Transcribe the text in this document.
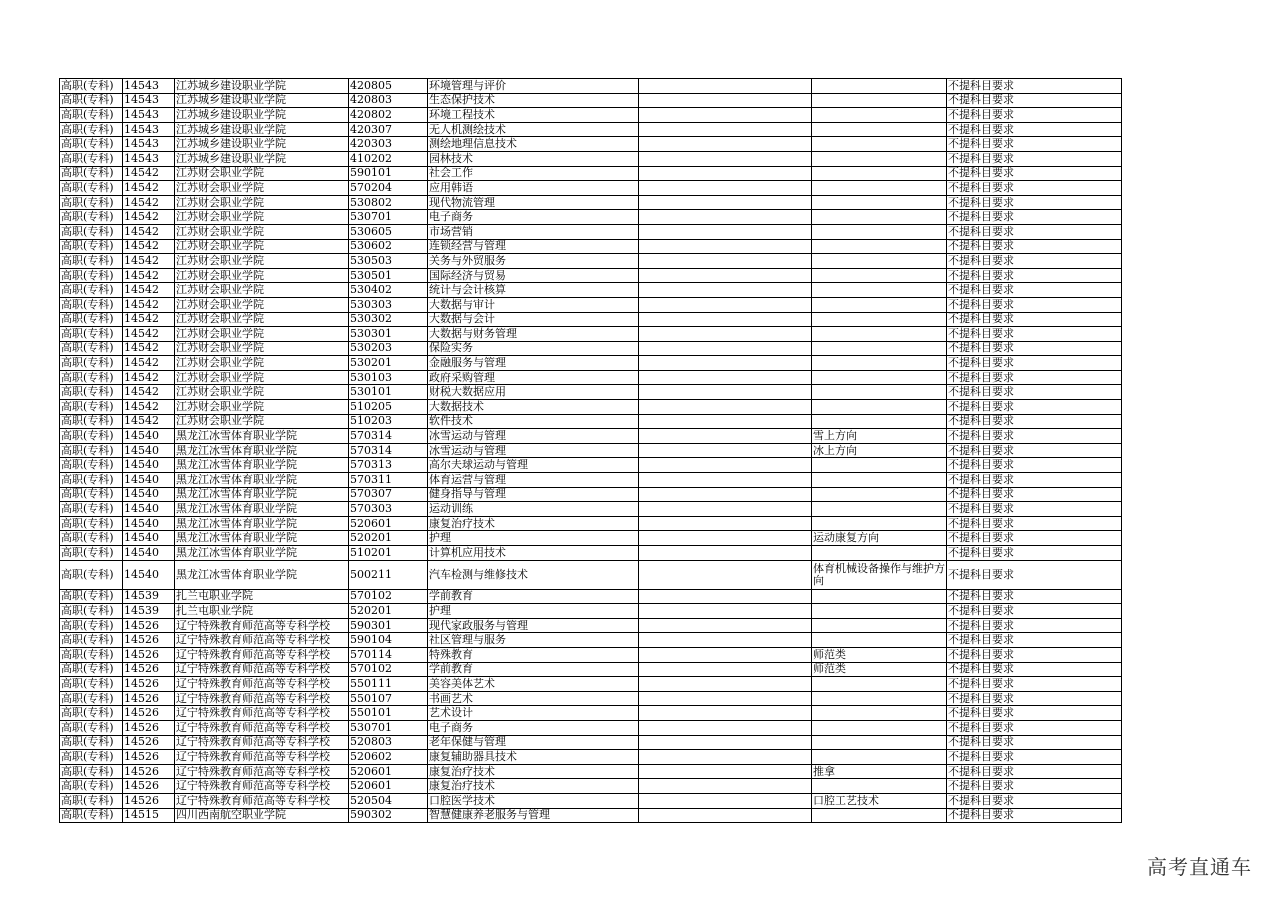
高职(专科)	14543	江苏城乡建设职业学院	420805	环境管理与评价			不提科目要求
高职(专科)	14543	江苏城乡建设职业学院	420803	生态保护技术			不提科目要求
高职(专科)	14543	江苏城乡建设职业学院	420802	环境工程技术			不提科目要求
高职(专科)	14543	江苏城乡建设职业学院	420307	无人机测绘技术			不提科目要求
高职(专科)	14543	江苏城乡建设职业学院	420303	测绘地理信息技术			不提科目要求
高职(专科)	14543	江苏城乡建设职业学院	410202	园林技术			不提科目要求
高职(专科)	14542	江苏财会职业学院	590101	社会工作			不提科目要求
高职(专科)	14542	江苏财会职业学院	570204	应用韩语			不提科目要求
高职(专科)	14542	江苏财会职业学院	530802	现代物流管理			不提科目要求
高职(专科)	14542	江苏财会职业学院	530701	电子商务			不提科目要求
高职(专科)	14542	江苏财会职业学院	530605	市场营销			不提科目要求
高职(专科)	14542	江苏财会职业学院	530602	连锁经营与管理			不提科目要求
高职(专科)	14542	江苏财会职业学院	530503	关务与外贸服务			不提科目要求
高职(专科)	14542	江苏财会职业学院	530501	国际经济与贸易			不提科目要求
高职(专科)	14542	江苏财会职业学院	530402	统计与会计核算			不提科目要求
高职(专科)	14542	江苏财会职业学院	530303	大数据与审计			不提科目要求
高职(专科)	14542	江苏财会职业学院	530302	大数据与会计			不提科目要求
高职(专科)	14542	江苏财会职业学院	530301	大数据与财务管理			不提科目要求
高职(专科)	14542	江苏财会职业学院	530203	保险实务			不提科目要求
高职(专科)	14542	江苏财会职业学院	530201	金融服务与管理			不提科目要求
高职(专科)	14542	江苏财会职业学院	530103	政府采购管理			不提科目要求
高职(专科)	14542	江苏财会职业学院	530101	财税大数据应用			不提科目要求
高职(专科)	14542	江苏财会职业学院	510205	大数据技术			不提科目要求
高职(专科)	14542	江苏财会职业学院	510203	软件技术			不提科目要求
高职(专科)	14540	黑龙江冰雪体育职业学院	570314	冰雪运动与管理		雪上方向	不提科目要求
高职(专科)	14540	黑龙江冰雪体育职业学院	570314	冰雪运动与管理		冰上方向	不提科目要求
高职(专科)	14540	黑龙江冰雪体育职业学院	570313	高尔夫球运动与管理			不提科目要求
高职(专科)	14540	黑龙江冰雪体育职业学院	570311	体育运营与管理			不提科目要求
高职(专科)	14540	黑龙江冰雪体育职业学院	570307	健身指导与管理			不提科目要求
高职(专科)	14540	黑龙江冰雪体育职业学院	570303	运动训练			不提科目要求
高职(专科)	14540	黑龙江冰雪体育职业学院	520601	康复治疗技术			不提科目要求
高职(专科)	14540	黑龙江冰雪体育职业学院	520201	护理		运动康复方向	不提科目要求
高职(专科)	14540	黑龙江冰雪体育职业学院	510201	计算机应用技术			不提科目要求
高职(专科)	14540	黑龙江冰雪体育职业学院	500211	汽车检测与维修技术		体育机械设备操作与维护方向	不提科目要求
高职(专科)	14539	扎兰屯职业学院	570102	学前教育			不提科目要求
高职(专科)	14539	扎兰屯职业学院	520201	护理			不提科目要求
高职(专科)	14526	辽宁特殊教育师范高等专科学校	590301	现代家政服务与管理			不提科目要求
高职(专科)	14526	辽宁特殊教育师范高等专科学校	590104	社区管理与服务			不提科目要求
高职(专科)	14526	辽宁特殊教育师范高等专科学校	570114	特殊教育		师范类	不提科目要求
高职(专科)	14526	辽宁特殊教育师范高等专科学校	570102	学前教育		师范类	不提科目要求
高职(专科)	14526	辽宁特殊教育师范高等专科学校	550111	美容美体艺术			不提科目要求
高职(专科)	14526	辽宁特殊教育师范高等专科学校	550107	书画艺术			不提科目要求
高职(专科)	14526	辽宁特殊教育师范高等专科学校	550101	艺术设计			不提科目要求
高职(专科)	14526	辽宁特殊教育师范高等专科学校	530701	电子商务			不提科目要求
高职(专科)	14526	辽宁特殊教育师范高等专科学校	520803	老年保健与管理			不提科目要求
高职(专科)	14526	辽宁特殊教育师范高等专科学校	520602	康复辅助器具技术			不提科目要求
高职(专科)	14526	辽宁特殊教育师范高等专科学校	520601	康复治疗技术		推拿	不提科目要求
高职(专科)	14526	辽宁特殊教育师范高等专科学校	520601	康复治疗技术			不提科目要求
高职(专科)	14526	辽宁特殊教育师范高等专科学校	520504	口腔医学技术		口腔工艺技术	不提科目要求
高职(专科)	14515	四川西南航空职业学院	590302	智慧健康养老服务与管理			不提科目要求
高考直通车
